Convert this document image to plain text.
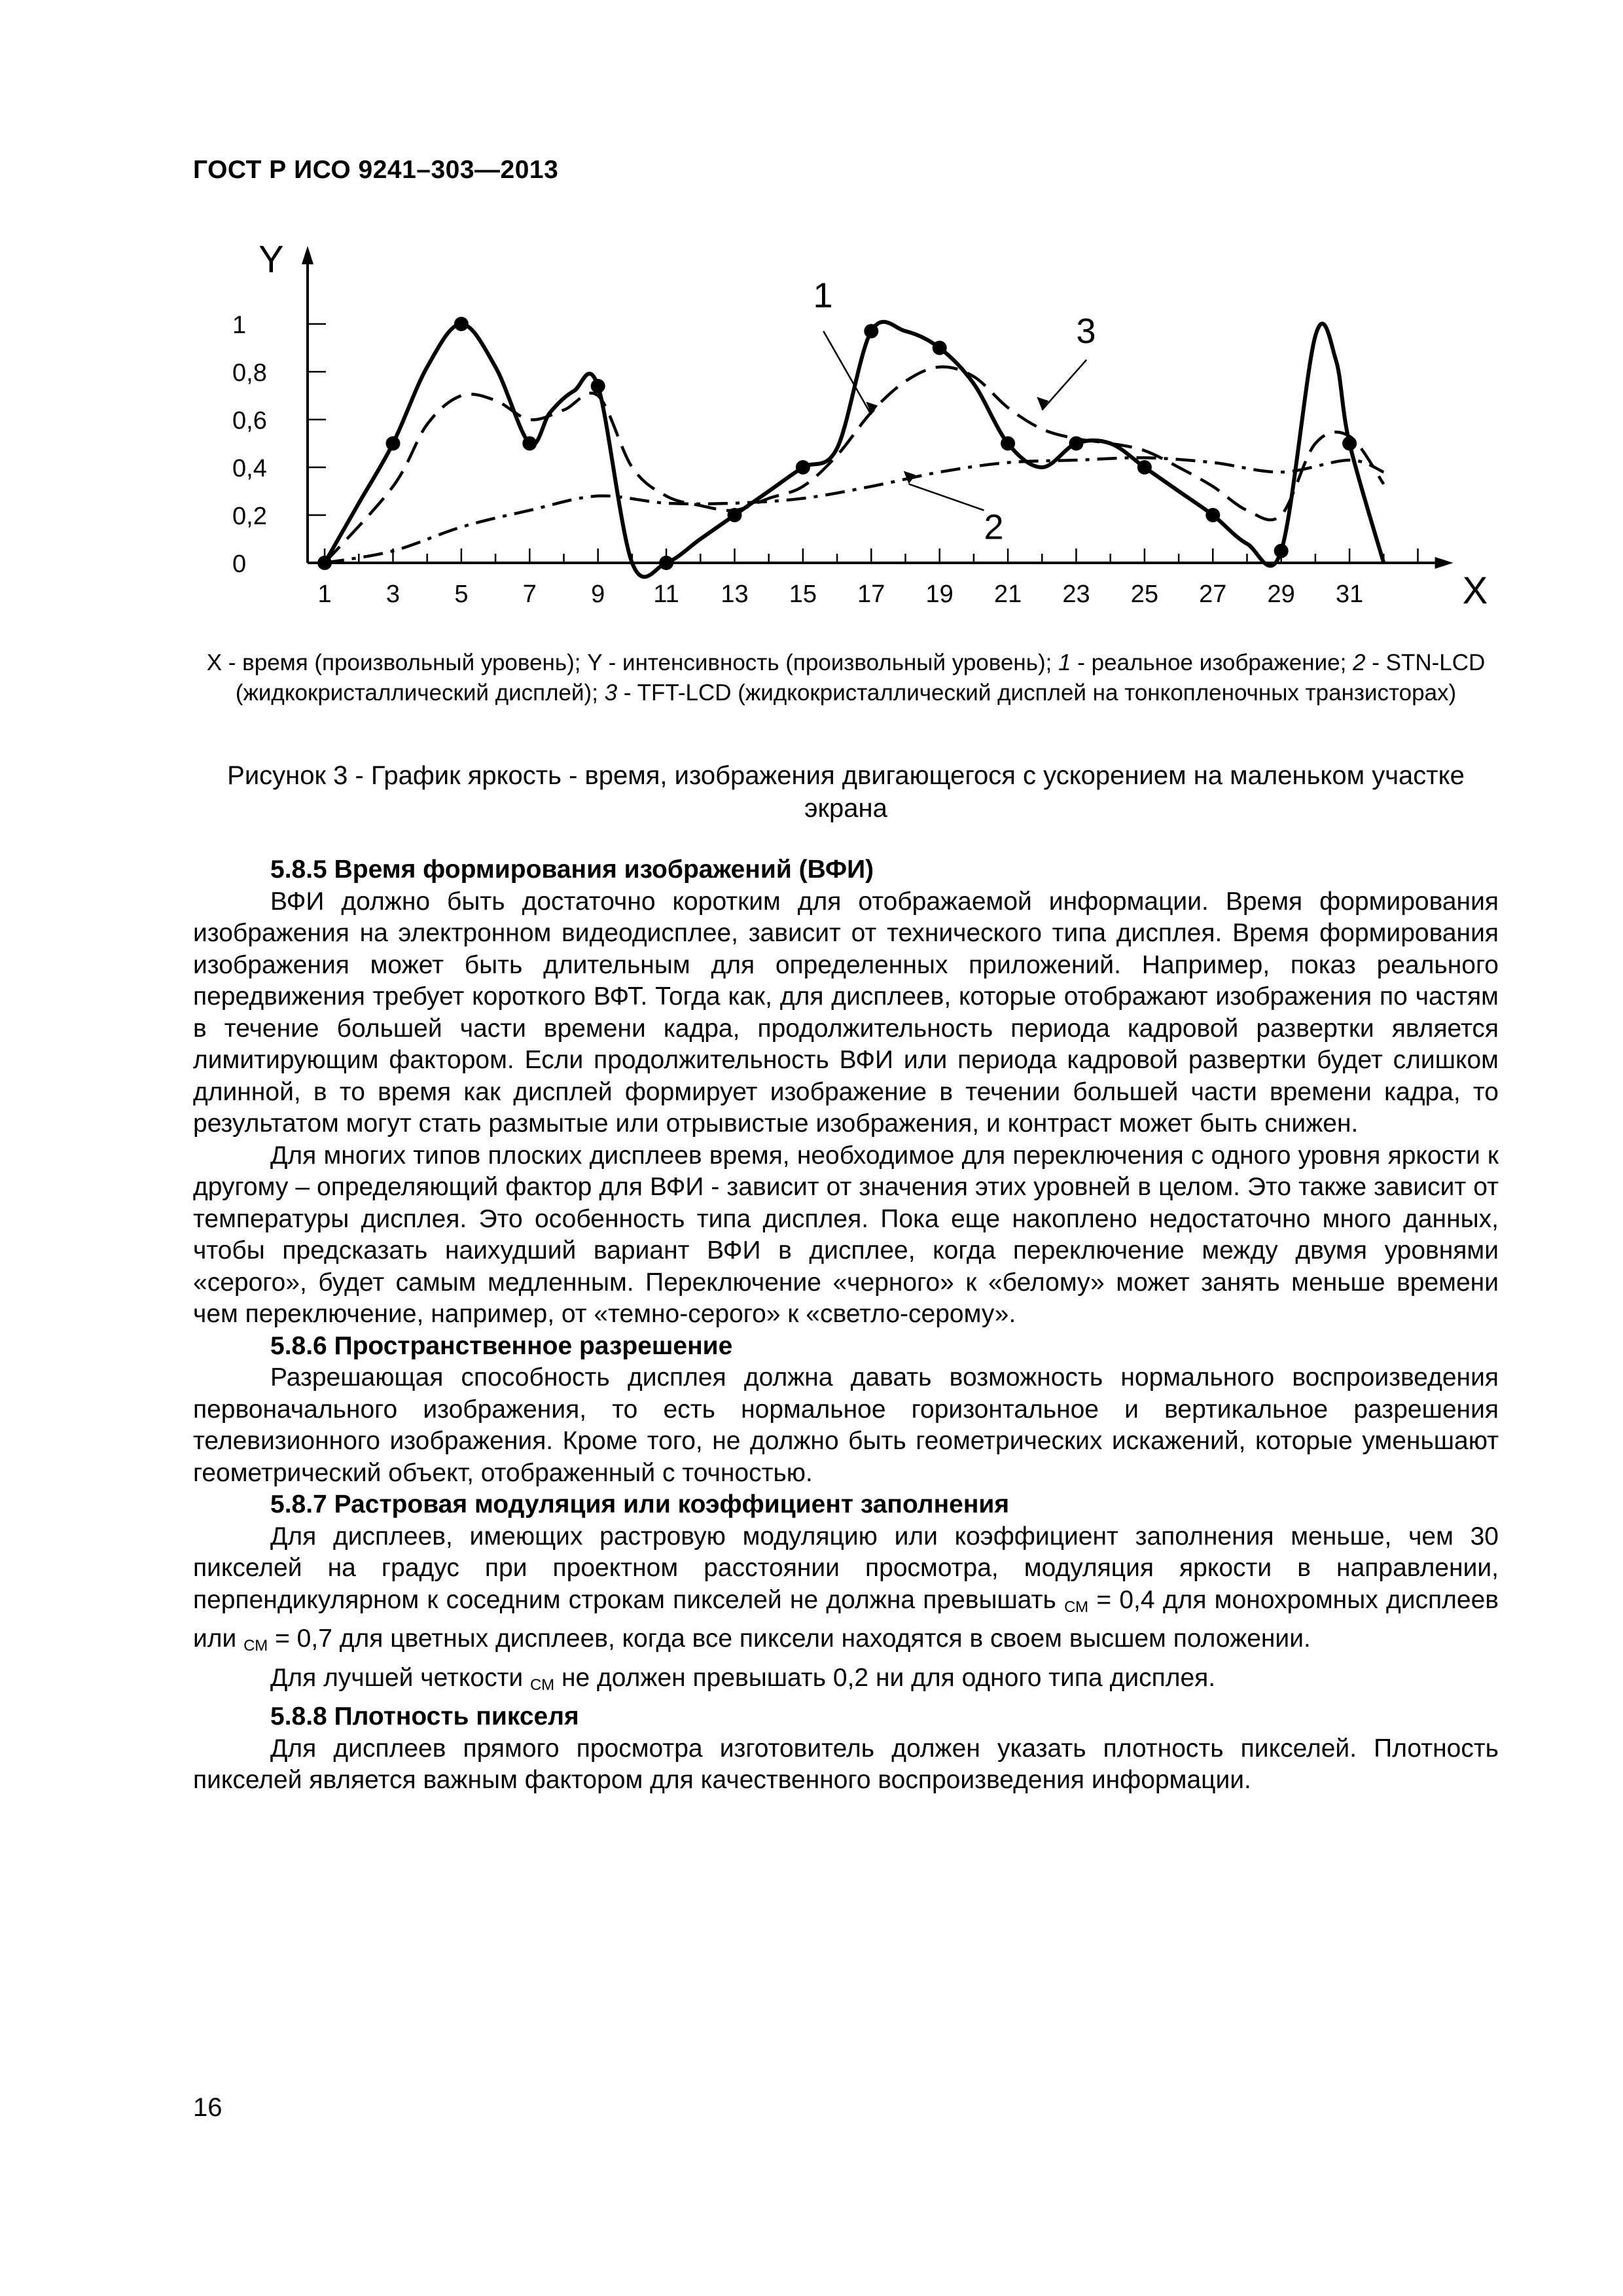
ГОСТ Р ИСО 9241–303—2013
X
Y
1 3 5 7 9 11 13 15 17 19 21 23 25 27 29 31
0
0,2
0,4
0,6
0,8
1
1
2
3
X - время (произвольный уровень); Y - интенсивность (произвольный уровень); 1 - реальное изображение; 2 - STN-LCD (жидкокристаллический дисплей); 3 - TFT-LCD (жидкокристаллический дисплей на тонкопленочных транзисторах)
Рисунок 3 - График яркость - время, изображения двигающегося с ускорением на маленьком участке экрана
5.8.5 Время формирования изображений (ВФИ)

ВФИ должно быть достаточно коротким для отображаемой информации. Время формирования изображения на электронном видеодисплее, зависит от технического типа дисплея. Время формирования изображения может быть длительным для определенных приложений. Например, показ реального передвижения требует короткого ВФТ. Тогда как, для дисплеев, которые отображают изображения по частям в течение большей части времени кадра, продолжительность периода кадровой развертки является лимитирующим фактором. Если продолжительность ВФИ или периода кадровой развертки будет слишком длинной, в то время как дисплей формирует изображение в течении большей части времени кадра, то результатом могут стать размытые или отрывистые изображения, и контраст может быть снижен.

Для многих типов плоских дисплеев время, необходимое для переключения с одного уровня яркости к другому – определяющий фактор для ВФИ - зависит от значения этих уровней в целом. Это также зависит от температуры дисплея. Это особенность типа дисплея. Пока еще накоплено недостаточно много данных, чтобы предсказать наихудший вариант ВФИ в дисплее, когда переключение между двумя уровнями «серого», будет самым медленным. Переключение «черного» к «белому» может занять меньше времени чем переключение, например, от «темно-серого» к «светло-серому».

5.8.6 Пространственное разрешение

Разрешающая способность дисплея должна давать возможность нормального воспроизведения первоначального изображения, то есть нормальное горизонтальное и вертикальное разрешения телевизионного изображения. Кроме того, не должно быть геометрических искажений, которые уменьшают геометрический объект, отображенный с точностью.

5.8.7 Растровая модуляция или коэффициент заполнения

Для дисплеев, имеющих растровую модуляцию или коэффициент заполнения меньше, чем 30 пикселей на градус при проектном расстоянии просмотра, модуляция яркости в направлении, перпендикулярном к соседним строкам пикселей не должна превышать $_{СМ}$ = 0,4 для монохромных дисплеев или $_{СМ}$ = 0,7 для цветных дисплеев, когда все пиксели находятся в своем высшем положении.

Для лучшей четкости $_{СМ}$ не должен превышать 0,2 ни для одного типа дисплея.

5.8.8 Плотность пикселя

Для дисплеев прямого просмотра изготовитель должен указать плотность пикселей. Плотность пикселей является важным фактором для качественного воспроизведения информации.

16
